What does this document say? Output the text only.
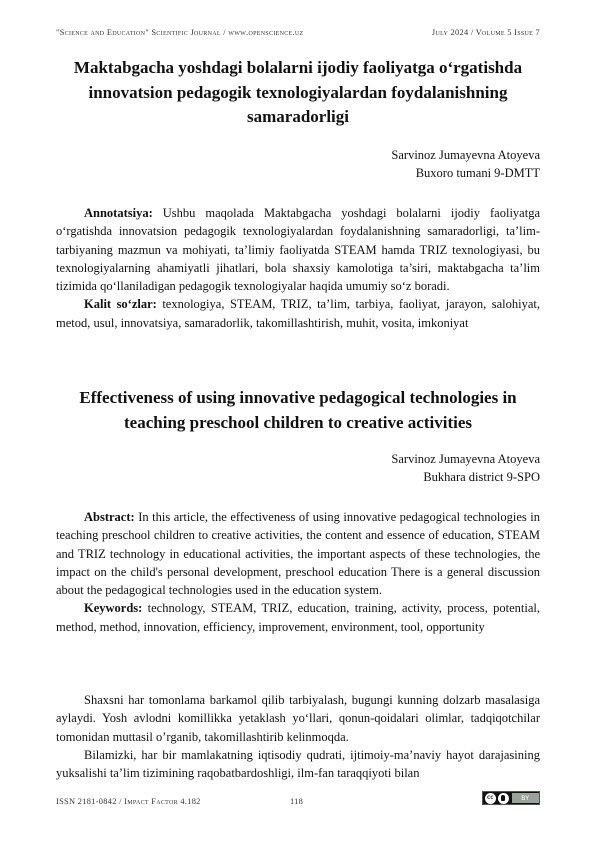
"Science and Education" Scientific Journal / www.openscience.uz	July 2024 / Volume 5 Issue 7
Maktabgacha yoshdagi bolalarni ijodiy faoliyatga o‘rgatishda innovatsion pedagogik texnologiyalardan foydalanishning samaradorligi
Sarvinoz Jumayevna Atoyeva
Buxoro tumani 9-DMTT

Annotatsiya: Ushbu maqolada Maktabgacha yoshdagi bolalarni ijodiy faoliyatga o‘rgatishda innovatsion pedagogik texnologiyalardan foydalanishning samaradorligi, ta’lim-tarbiyaning mazmun va mohiyati, ta’limiy faoliyatda STEAM hamda TRIZ texnologiyasi, bu texnologiyalarning ahamiyatli jihatlari, bola shaxsiy kamolotiga ta’siri, maktabgacha ta’lim tizimida qo‘llaniladigan pedagogik texnologiyalar haqida umumiy so‘z boradi.

Kalit so‘zlar: texnologiya, STEAM, TRIZ, ta’lim, tarbiya, faoliyat, jarayon, salohiyat, metod, usul, innovatsiya, samaradorlik, takomillashtirish, muhit, vosita, imkoniyat

Effectiveness of using innovative pedagogical technologies in teaching preschool children to creative activities
Sarvinoz Jumayevna Atoyeva
Bukhara district 9-SPO

Abstract: In this article, the effectiveness of using innovative pedagogical technologies in teaching preschool children to creative activities, the content and essence of education, STEAM and TRIZ technology in educational activities, the important aspects of these technologies, the impact on the child's personal development, preschool education There is a general discussion about the pedagogical technologies used in the education system.

Keywords: technology, STEAM, TRIZ, education, training, activity, process, potential, method, method, innovation, efficiency, improvement, environment, tool, opportunity

Shaxsni har tomonlama barkamol qilib tarbiyalash, bugungi kunning dolzarb masalasiga aylaydi. Yosh avlodni komillikka yetaklash yo‘llari, qonun-qoidalari olimlar, tadqiqotchilar tomonidan muttasil o’rganib, takomillashtirib kelinmoqda.

Bilamizki, har bir mamlakatning iqtisodiy qudrati, ijtimoiy-ma’naviy hayot darajasining yuksalishi ta’lim tizimining raqobatbardoshligi, ilm-fan taraqqiyoti bilan

ISSN 2181-0842 / Impact Factor 4.182	118	cc	BY
